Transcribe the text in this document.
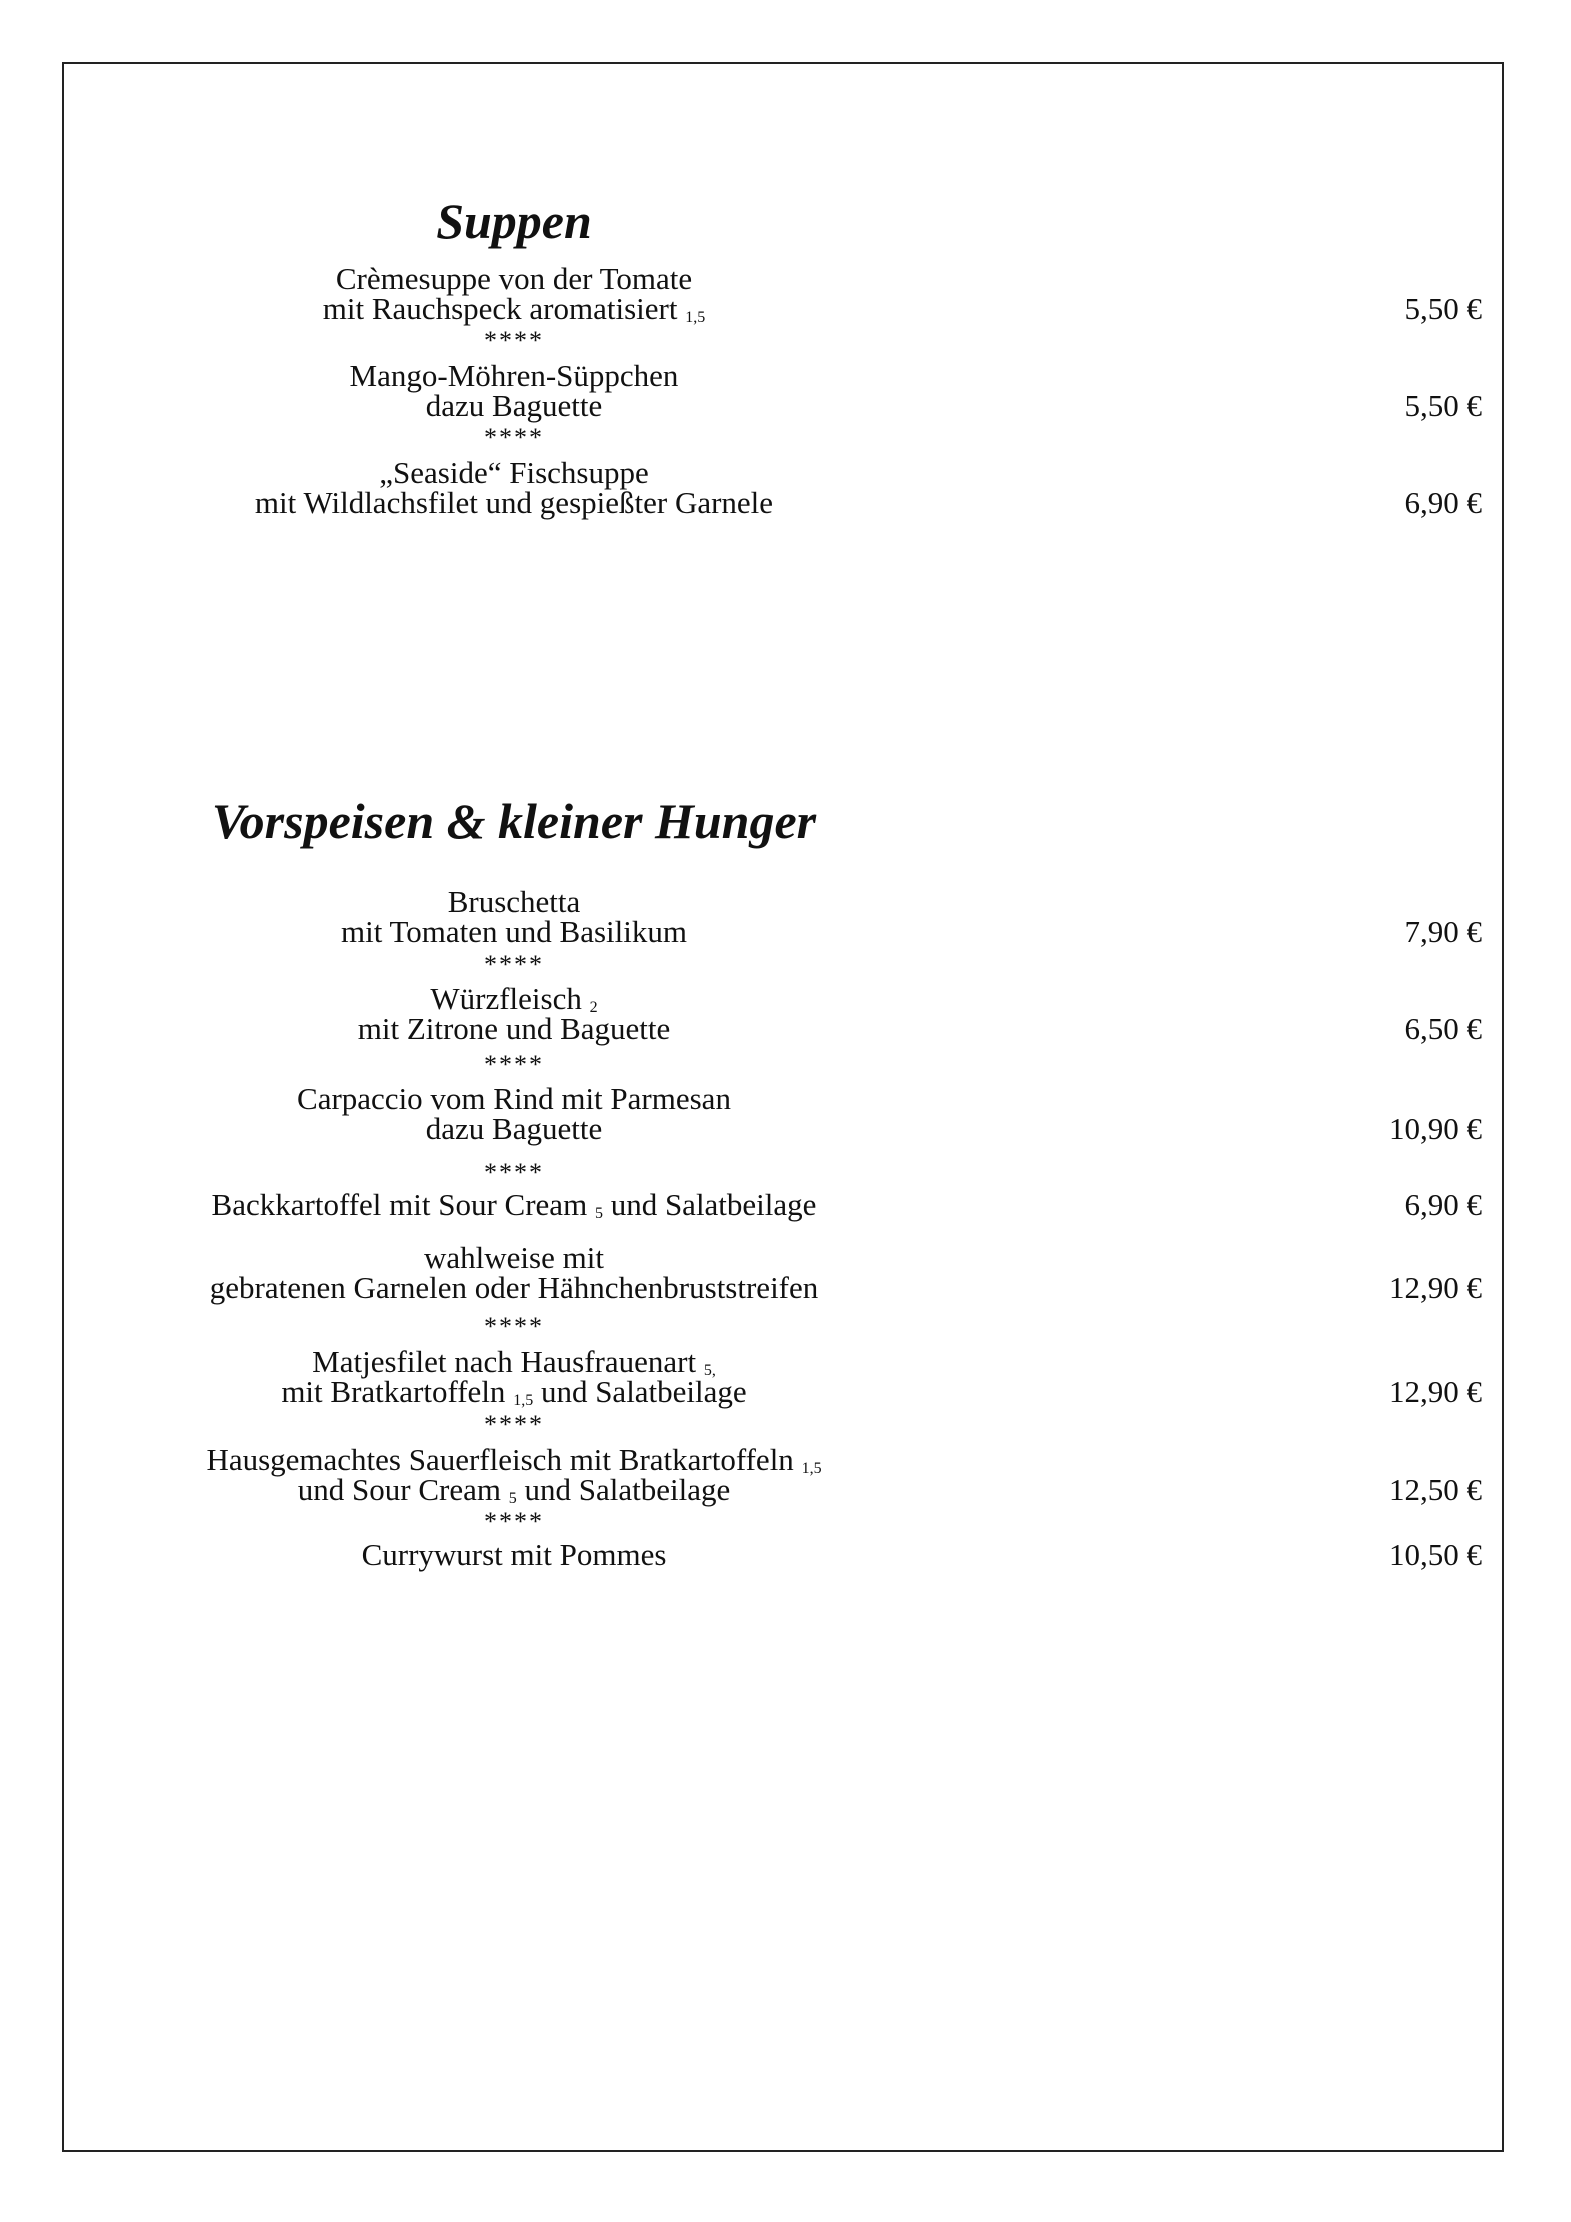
Suppen
Crèmesuppe von der Tomate
mit Rauchspeck aromatisiert $_{1,5}$	5,50 €
****
Mango-Möhren-Süppchen
dazu Baguette	5,50 €
****
„Seaside“ Fischsuppe
mit Wildlachsfilet und gespießter Garnele	6,90 €
Vorspeisen & kleiner Hunger
Bruschetta
mit Tomaten und Basilikum	7,90 €
****
Würzfleisch $_2$
mit Zitrone und Baguette	6,50 €
****
Carpaccio vom Rind mit Parmesan
dazu Baguette	10,90 €
****
Backkartoffel mit Sour Cream $_5$ und Salatbeilage	6,90 €
wahlweise mit
gebratenen Garnelen oder Hähnchenbruststreifen	12,90 €
****
Matjesfilet nach Hausfrauenart $_{5,}$
mit Bratkartoffeln $_{1,5}$ und Salatbeilage	12,90 €
****
Hausgemachtes Sauerfleisch mit Bratkartoffeln $_{1,5}$
und Sour Cream $_5$ und Salatbeilage	12,50 €
****
Currywurst mit Pommes	10,50 €
